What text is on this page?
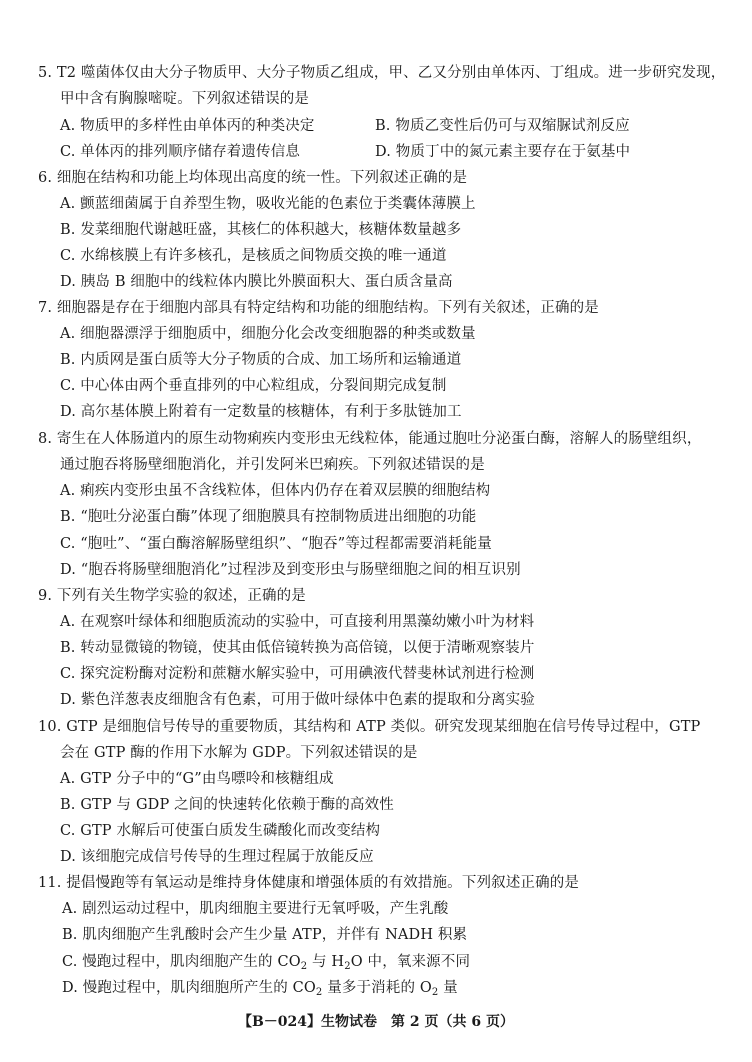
5. T2 噬菌体仅由大分子物质甲、大分子物质乙组成，甲、乙又分别由单体丙、丁组成。进一步研究发现，
甲中含有胸腺嘧啶。下列叙述错误的是
A. 物质甲的多样性由单体丙的种类决定	B. 物质乙变性后仍可与双缩脲试剂反应
C. 单体丙的排列顺序储存着遗传信息	D. 物质丁中的氮元素主要存在于氨基中
6. 细胞在结构和功能上均体现出高度的统一性。下列叙述正确的是
A. 颤蓝细菌属于自养型生物，吸收光能的色素位于类囊体薄膜上
B. 发菜细胞代谢越旺盛，其核仁的体积越大，核糖体数量越多
C. 水绵核膜上有许多核孔，是核质之间物质交换的唯一通道
D. 胰岛 B 细胞中的线粒体内膜比外膜面积大、蛋白质含量高
7. 细胞器是存在于细胞内部具有特定结构和功能的细胞结构。下列有关叙述，正确的是
A. 细胞器漂浮于细胞质中，细胞分化会改变细胞器的种类或数量
B. 内质网是蛋白质等大分子物质的合成、加工场所和运输通道
C. 中心体由两个垂直排列的中心粒组成，分裂间期完成复制
D. 高尔基体膜上附着有一定数量的核糖体，有利于多肽链加工
8. 寄生在人体肠道内的原生动物痢疾内变形虫无线粒体，能通过胞吐分泌蛋白酶，溶解人的肠壁组织，
通过胞吞将肠壁细胞消化，并引发阿米巴痢疾。下列叙述错误的是
A. 痢疾内变形虫虽不含线粒体，但体内仍存在着双层膜的细胞结构
B. “胞吐分泌蛋白酶”体现了细胞膜具有控制物质进出细胞的功能
C. “胞吐”、“蛋白酶溶解肠壁组织”、“胞吞”等过程都需要消耗能量
D. “胞吞将肠壁细胞消化”过程涉及到变形虫与肠壁细胞之间的相互识别
9. 下列有关生物学实验的叙述，正确的是
A. 在观察叶绿体和细胞质流动的实验中，可直接利用黑藻幼嫩小叶为材料
B. 转动显微镜的物镜，使其由低倍镜转换为高倍镜，以便于清晰观察装片
C. 探究淀粉酶对淀粉和蔗糖水解实验中，可用碘液代替斐林试剂进行检测
D. 紫色洋葱表皮细胞含有色素，可用于做叶绿体中色素的提取和分离实验
10. GTP 是细胞信号传导的重要物质，其结构和 ATP 类似。研究发现某细胞在信号传导过程中，GTP
会在 GTP 酶的作用下水解为 GDP。下列叙述错误的是
A. GTP 分子中的“G”由鸟嘌呤和核糖组成
B. GTP 与 GDP 之间的快速转化依赖于酶的高效性
C. GTP 水解后可使蛋白质发生磷酸化而改变结构
D. 该细胞完成信号传导的生理过程属于放能反应
11. 提倡慢跑等有氧运动是维持身体健康和增强体质的有效措施。下列叙述正确的是
A. 剧烈运动过程中，肌肉细胞主要进行无氧呼吸，产生乳酸
B. 肌肉细胞产生乳酸时会产生少量 ATP，并伴有 NADH 积累
C. 慢跑过程中，肌肉细胞产生的 $CO_2$ 与 $H_2O$ 中，氧来源不同
D. 慢跑过程中，肌肉细胞所产生的 $CO_2$ 量多于消耗的 $O_2$ 量
【B－024】生物试卷　第 2 页（共 6 页）
